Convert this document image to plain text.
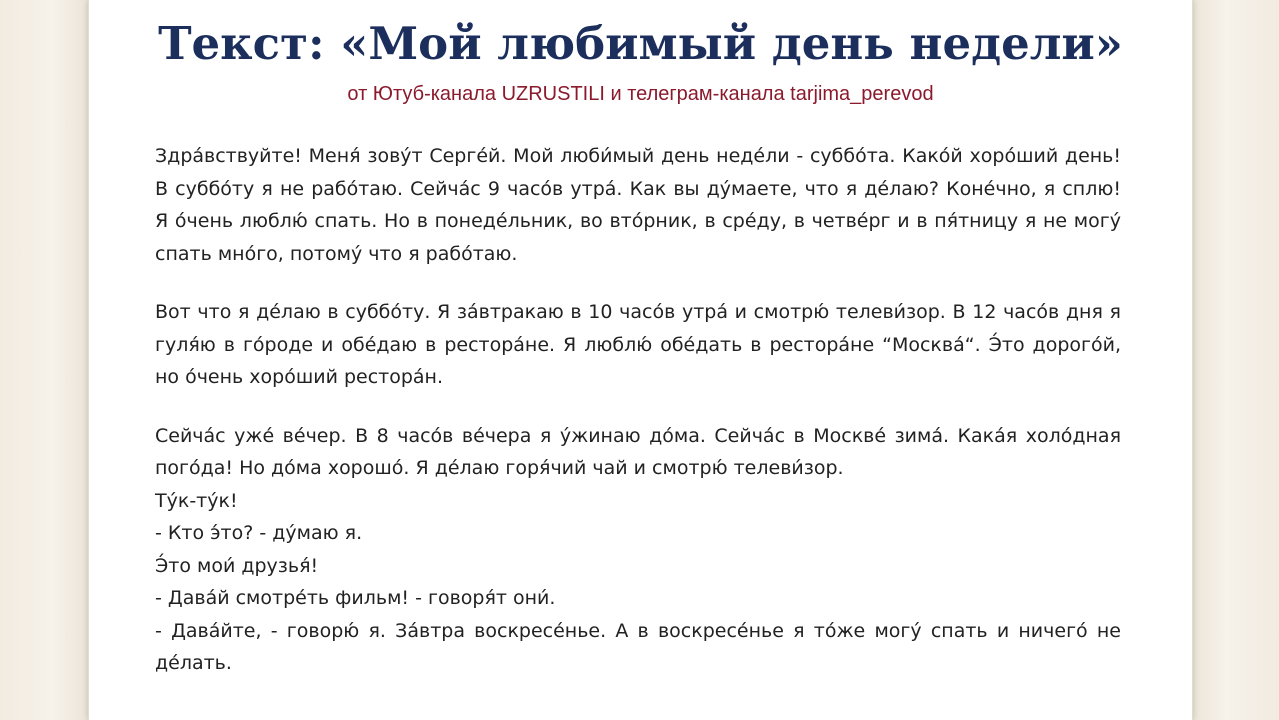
Текст: «Мой любимый день недели»
от Ютуб-канала UZRUSTILI и телеграм-канала tarjima_perevod

Здра́вствуйте! Меня́ зову́т Серге́й. Мой люби́мый день неде́ли - суббо́та. Како́й хоро́ший день! В суббо́ту я не рабо́таю. Сейча́с 9 часо́в утра́. Как вы ду́маете, что я де́лаю? Коне́чно, я сплю! Я о́чень люблю́ спать. Но в понеде́льник, во вто́рник, в сре́ду, в четве́рг и в пя́тницу я не могу́ спать мно́го, потому́ что я рабо́таю.

Вот что я де́лаю в суббо́ту. Я за́втракаю в 10 часо́в утра́ и смотрю́ телеви́зор. В 12 часо́в дня я гуля́ю в го́роде и обе́даю в рестора́не. Я люблю́ обе́дать в рестора́не “Москва́“. Э́то дорого́й, но о́чень хоро́ший рестора́н.

Сейча́с уже́ ве́чер. В 8 часо́в ве́чера я у́жинаю до́ма. Сейча́с в Москве́ зима́. Кака́я холо́дная пого́да! Но до́ма хорошо́. Я де́лаю горя́чий чай и смотрю́ телеви́зор.

Ту́к-ту́к!

- Кто э́то? - ду́маю я.

Э́то мои́ друзья́!

- Дава́й смотре́ть фильм! - говоря́т они́.

- Дава́йте, - говорю́ я. За́втра воскресе́нье. А в воскресе́нье я то́же могу́ спать и ничего́ не де́лать.
